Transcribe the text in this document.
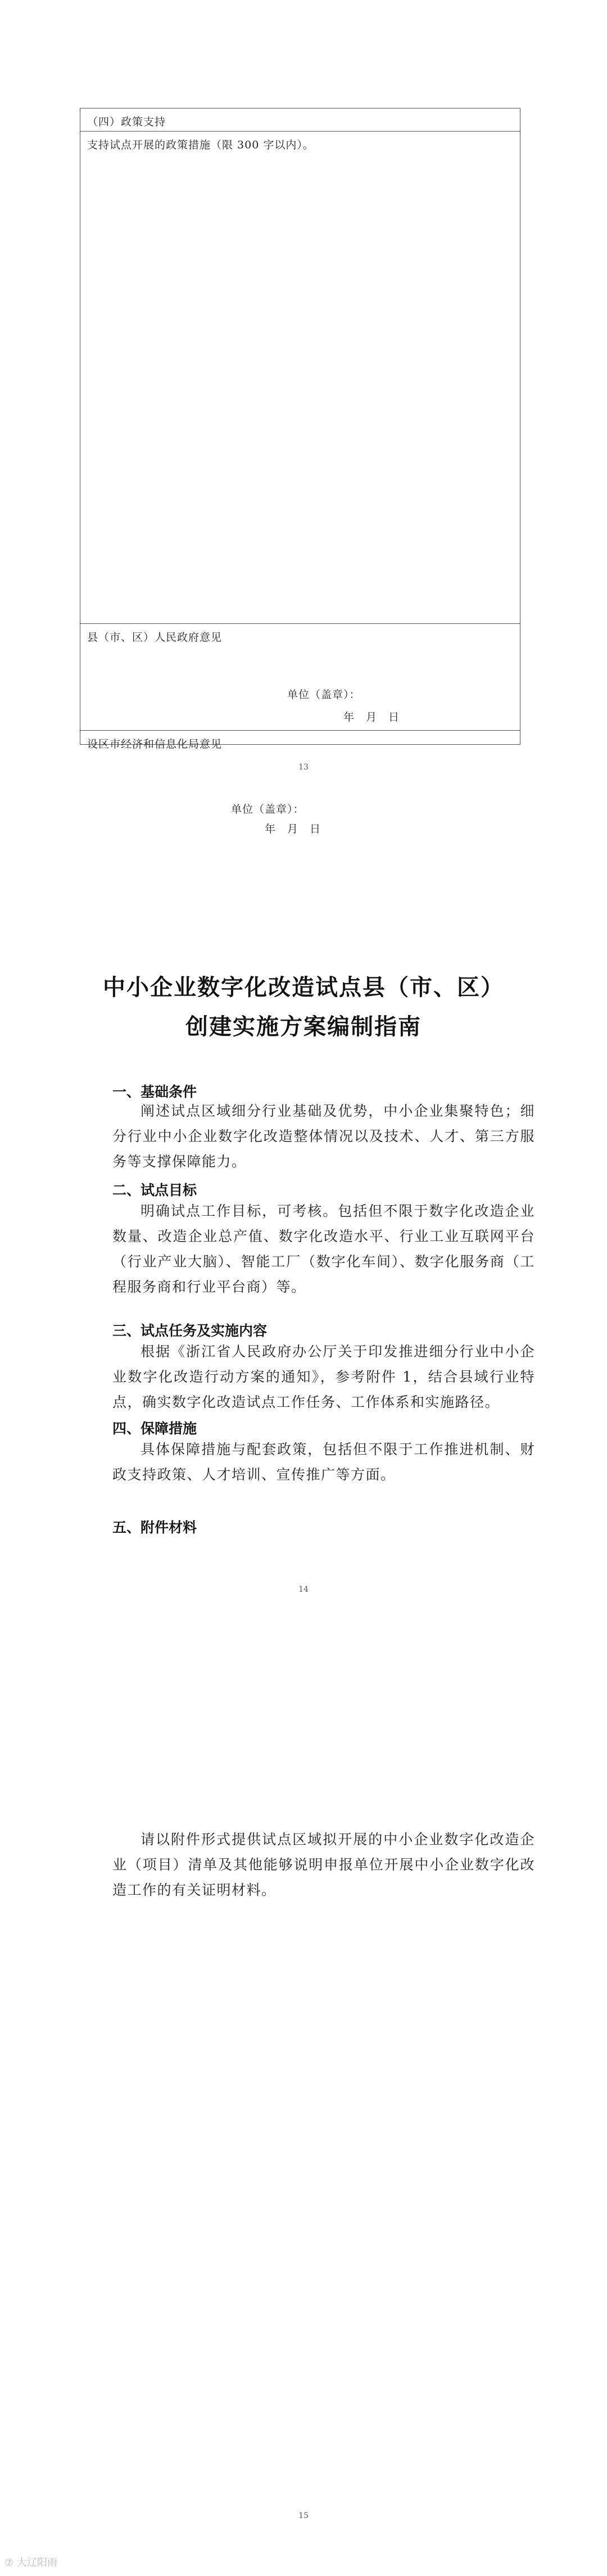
（四）政策支持
支持试点开展的政策措施（限 300 字以内）。
县（市、区）人民政府意见
单位（盖章）：
年　月　日
设区市经济和信息化局意见
单位（盖章）：
年　月　日
13
中小企业数字化改造试点县（市、区）
创建实施方案编制指南
一、基础条件
阐述试点区域细分行业基础及优势，中小企业集聚特色；细分行业中小企业数字化改造整体情况以及技术、人才、第三方服务等支撑保障能力。
二、试点目标
明确试点工作目标，可考核。包括但不限于数字化改造企业数量、改造企业总产值、数字化改造水平、行业工业互联网平台（行业产业大脑）、智能工厂（数字化车间）、数字化服务商（工程服务商和行业平台商）等。
三、试点任务及实施内容
根据《浙江省人民政府办公厅关于印发推进细分行业中小企业数字化改造行动方案的通知》，参考附件 1，结合县域行业特点，确实数字化改造试点工作任务、工作体系和实施路径。
四、保障措施
具体保障措施与配套政策，包括但不限于工作推进机制、财政支持政策、人才培训、宣传推广等方面。
五、附件材料
14
请以附件形式提供试点区域拟开展的中小企业数字化改造企业（项目）清单及其他能够说明申报单位开展中小企业数字化改造工作的有关证明材料。
15
⑦ 大辽阳雨
